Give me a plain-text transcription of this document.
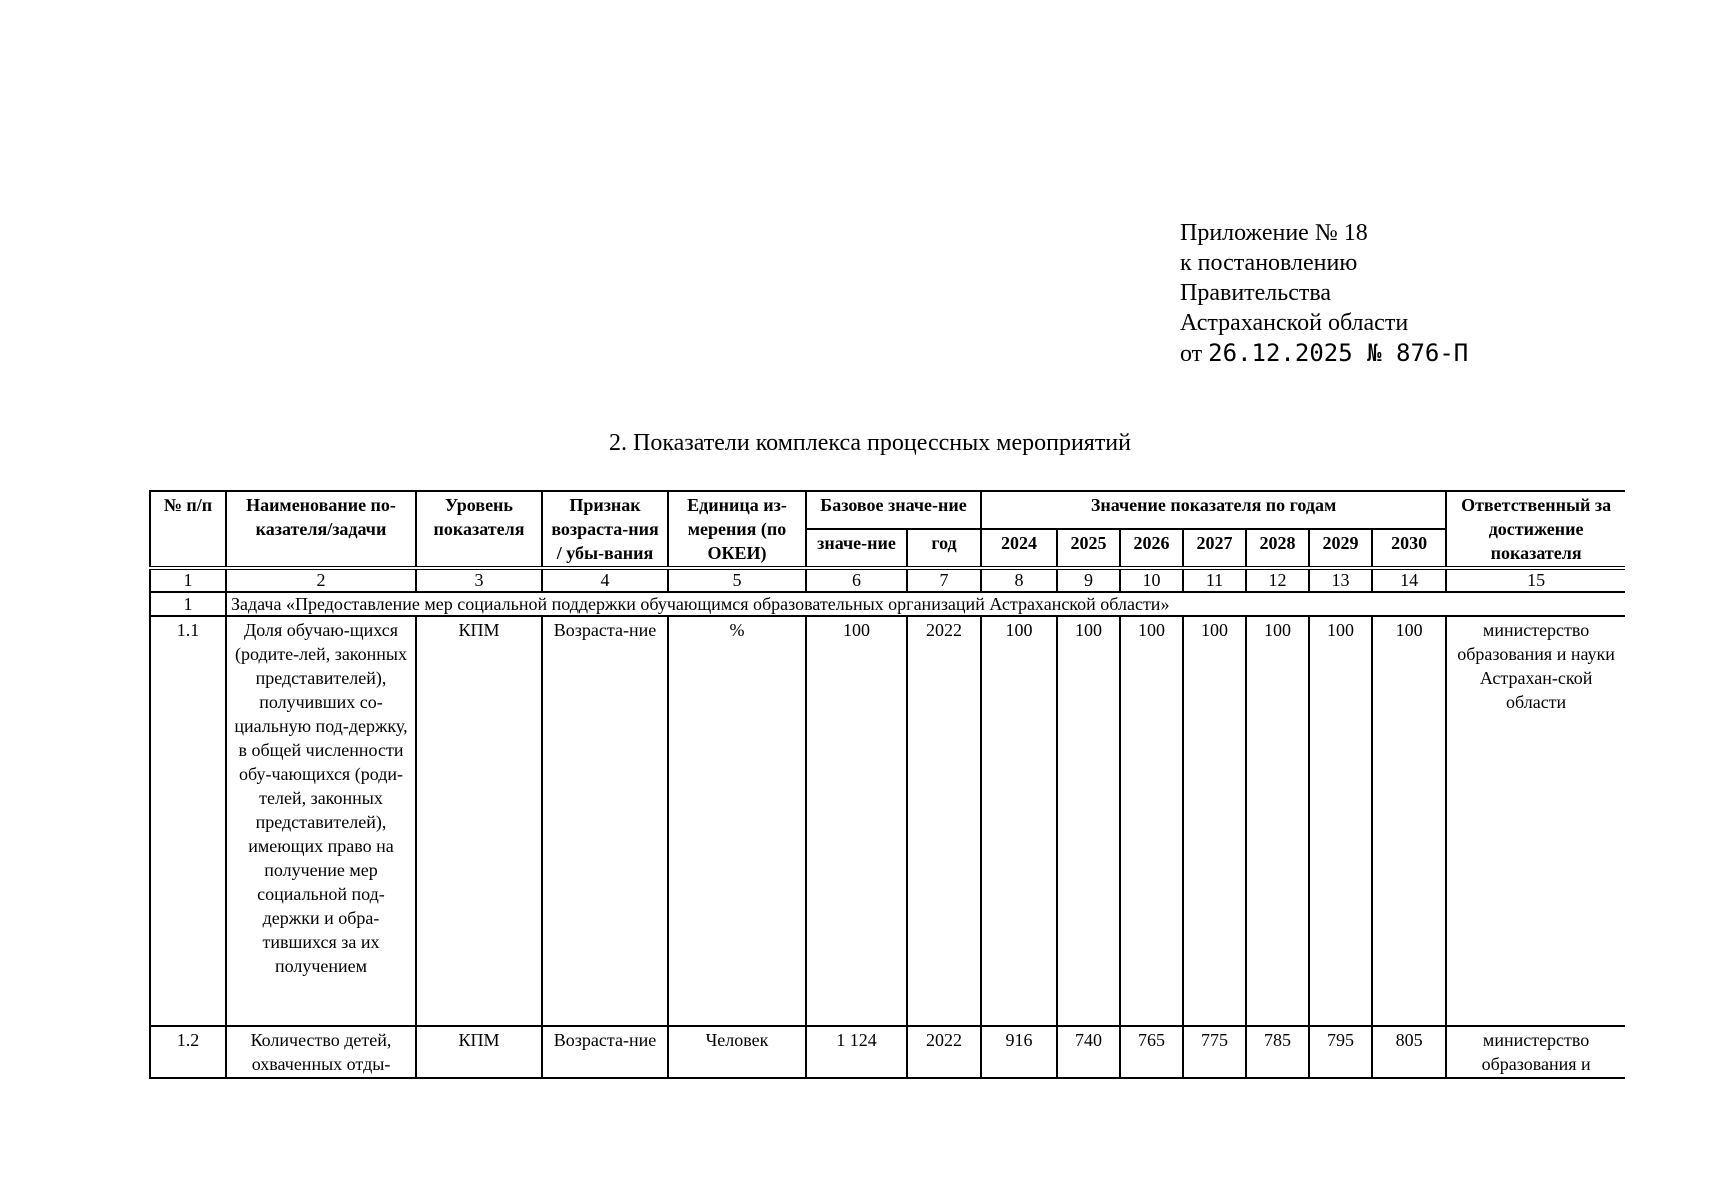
Приложение № 18
к постановлению
Правительства
Астраханской области
от 26.12.2025 № 876-П
2. Показатели комплекса процессных мероприятий
№ п/п	Наименование по-казателя/задачи	Уровень показателя	Признак возраста-ния / убы-вания	Единица из-мерения (по ОКЕИ)	Базовое значе-ние		Значение показателя по годам							Ответственный за достижение показателя
					значе-ние	год	2024	2025	2026	2027	2028	2029	2030	
1	2	3	4	5	6	7	8	9	10	11	12	13	14	15
1	Задача «Предоставление мер социальной поддержки обучающимся образовательных организаций Астраханской области»													
1.1	Доля обучаю-щихся (родите-лей, законных представителей), получивших со-циальную под-держку, в общей численности обу-чающихся (роди-телей, законных представителей), имеющих право на получение мер социальной под-держки и обра-тившихся за их получением	КПМ	Возраста-ние	%	100	2022	100	100	100	100	100	100	100	министерство образования и науки Астрахан-ской области
1.2	Количество детей, охваченных отды-	КПМ	Возраста-ние	Человек	1 124	2022	916	740	765	775	785	795	805	министерство образования и
